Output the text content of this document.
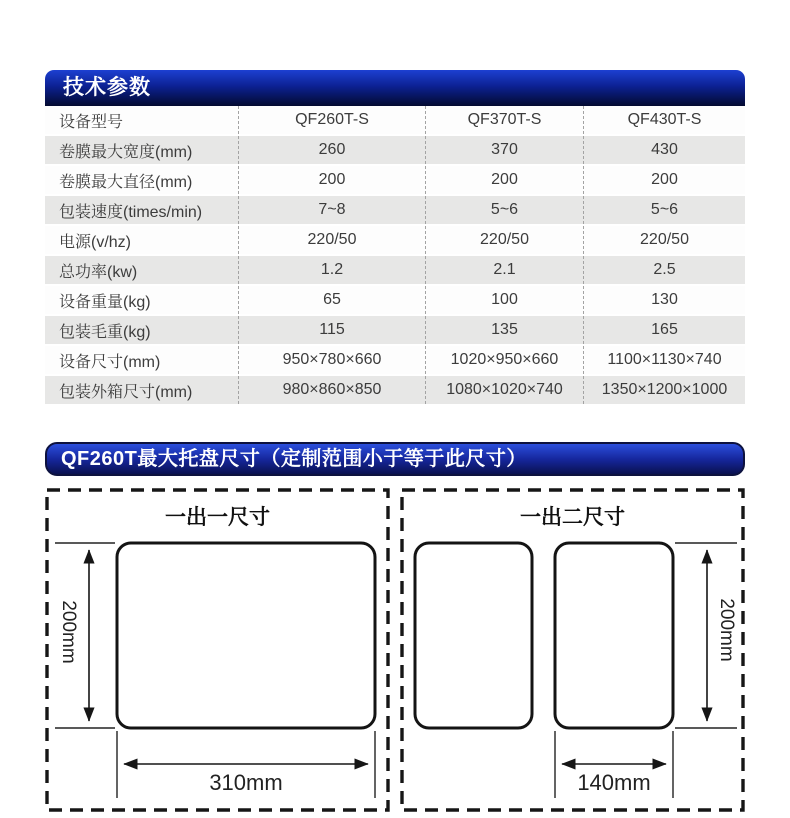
技术参数
设备型号	QF260T-S	QF370T-S	QF430T-S
卷膜最大宽度(mm)	260	370	430
卷膜最大直径(mm)	200	200	200
包装速度(times/min)	7~8	5~6	5~6
电源(v/hz)	220/50	220/50	220/50
总功率(kw)	1.2	2.1	2.5
设备重量(kg)	65	100	130
包装毛重(kg)	115	135	165
设备尺寸(mm)	950×780×660	1020×950×660	1100×1130×740
包装外箱尺寸(mm)	980×860×850	1080×1020×740	1350×1200×1000
QF260T最大托盘尺寸（定制范围小于等于此尺寸）
一出一尺寸
200mm
310mm
一出二尺寸
200mm
140mm
